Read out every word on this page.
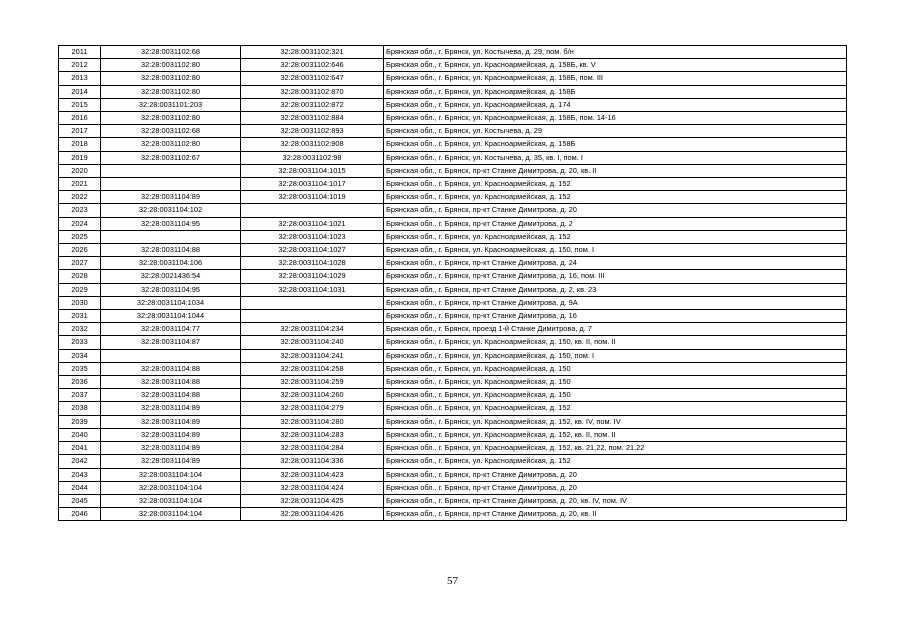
2011	32:28:0031102:68	32:28:0031102:321	Брянская обл., г. Брянск, ул. Костычева, д. 29, пом. б/н
2012	32:28:0031102:80	32:28:0031102:646	Брянская обл., г. Брянск, ул. Красноармейская, д. 158Б, кв. V
2013	32:28:0031102:80	32:28:0031102:647	Брянская обл., г. Брянск, ул. Красноармейская, д. 158Б, пом. III
2014	32:28:0031102:80	32:28:0031102:870	Брянская обл., г. Брянск, ул. Красноармейская, д. 158Б
2015	32:28:0031101:203	32:28:0031102:872	Брянская обл., г. Брянск, ул. Красноармейская, д. 174
2016	32:28:0031102:80	32:28:0031102:884	Брянская обл., г. Брянск, ул. Красноармейская, д. 158Б, пом. 14-16
2017	32:28:0031102:68	32:28:0031102:893	Брянская обл., г. Брянск, ул. Костычева, д. 29
2018	32:28:0031102:80	32:28:0031102:908	Брянская обл., г. Брянск, ул. Красноармейская, д. 158Б
2019	32:28:0031102:67	32:28:0031102:98	Брянская обл., г. Брянск, ул. Костычева, д. 35, кв. I, пом. I
2020		32:28:0031104:1015	Брянская обл., г. Брянск, пр-кт Станке Димитрова, д. 20, кв. II
2021		32:28:0031104:1017	Брянская обл., г. Брянск, ул. Красноармейская, д. 152
2022	32:28:0031104:89	32:28:0031104:1019	Брянская обл., г. Брянск, ул. Красноармейская, д. 152
2023	32:28:0031104:102		Брянская обл., г. Брянск, пр-кт Станке Димитрова, д. 20
2024	32:28:0031104:95	32:28:0031104:1021	Брянская обл., г. Брянск, пр-кт Станке Димитрова, д. 2
2025		32:28:0031104:1023	Брянская обл., г. Брянск, ул. Красноармейская, д. 152
2026	32:28:0031104:88	32:28:0031104:1027	Брянская обл., г. Брянск, ул. Красноармейская, д. 150, пом. I
2027	32:28:0031104:106	32:28:0031104:1028	Брянская обл., г. Брянск, пр-кт Станке Димитрова, д. 24
2028	32:28:0021436:54	32:28:0031104:1029	Брянская обл., г. Брянск, пр-кт Станке Димитрова, д. 16, пом. III
2029	32:28:0031104:95	32:28:0031104:1031	Брянская обл., г. Брянск, пр-кт Станке Димитрова, д. 2, кв. 23
2030	32:28:0031104:1034		Брянская обл., г. Брянск, пр-кт Станке Димитрова, д. 9А
2031	32:28:0031104:1044		Брянская обл., г. Брянск, пр-кт Станке Димитрова, д. 16
2032	32:28:0031104:77	32:28:0031104:234	Брянская обл., г. Брянск, проезд 1-й Станке Димитрова, д. 7
2033	32:28:0031104:87	32:28:0031104:240	Брянская обл., г. Брянск, ул. Красноармейская, д. 150, кв. II, пом. II
2034		32:28:0031104:241	Брянская обл., г. Брянск, ул. Красноармейская, д. 150, пом. I
2035	32:28:0031104:88	32:28:0031104:258	Брянская обл., г. Брянск, ул. Красноармейская, д. 150
2036	32:28:0031104:88	32:28:0031104:259	Брянская обл., г. Брянск, ул. Красноармейская, д. 150
2037	32:28:0031104:88	32:28:0031104:260	Брянская обл., г. Брянск, ул. Красноармейская, д. 150
2038	32:28:0031104:89	32:28:0031104:279	Брянская обл., г. Брянск, ул. Красноармейская, д. 152
2039	32:28:0031104:89	32:28:0031104:280	Брянская обл., г. Брянск, ул. Красноармейская, д. 152, кв. IV, пом. IV
2040	32:28:0031104:89	32:28:0031104:283	Брянская обл., г. Брянск, ул. Красноармейская, д. 152, кв. II, пом. II
2041	32:28:0031104:89	32:28:0031104:284	Брянская обл., г. Брянск, ул. Красноармейская, д. 152, кв. 21,22, пом. 21,22
2042	32:28:0031104:89	32:28:0031104:336	Брянская обл., г. Брянск, ул. Красноармейская, д. 152
2043	32:28:0031104:104	32:28:0031104:423	Брянская обл., г. Брянск, пр-кт Станке Димитрова, д. 20
2044	32:28:0031104:104	32:28:0031104:424	Брянская обл., г. Брянск, пр-кт Станке Димитрова, д. 20
2045	32:28:0031104:104	32:28:0031104:425	Брянская обл., г. Брянск, пр-кт Станке Димитрова, д. 20, кв. IV, пом. IV
2046	32:28:0031104:104	32:28:0031104:426	Брянская обл., г. Брянск, пр-кт Станке Димитрова, д. 20, кв. II
57
